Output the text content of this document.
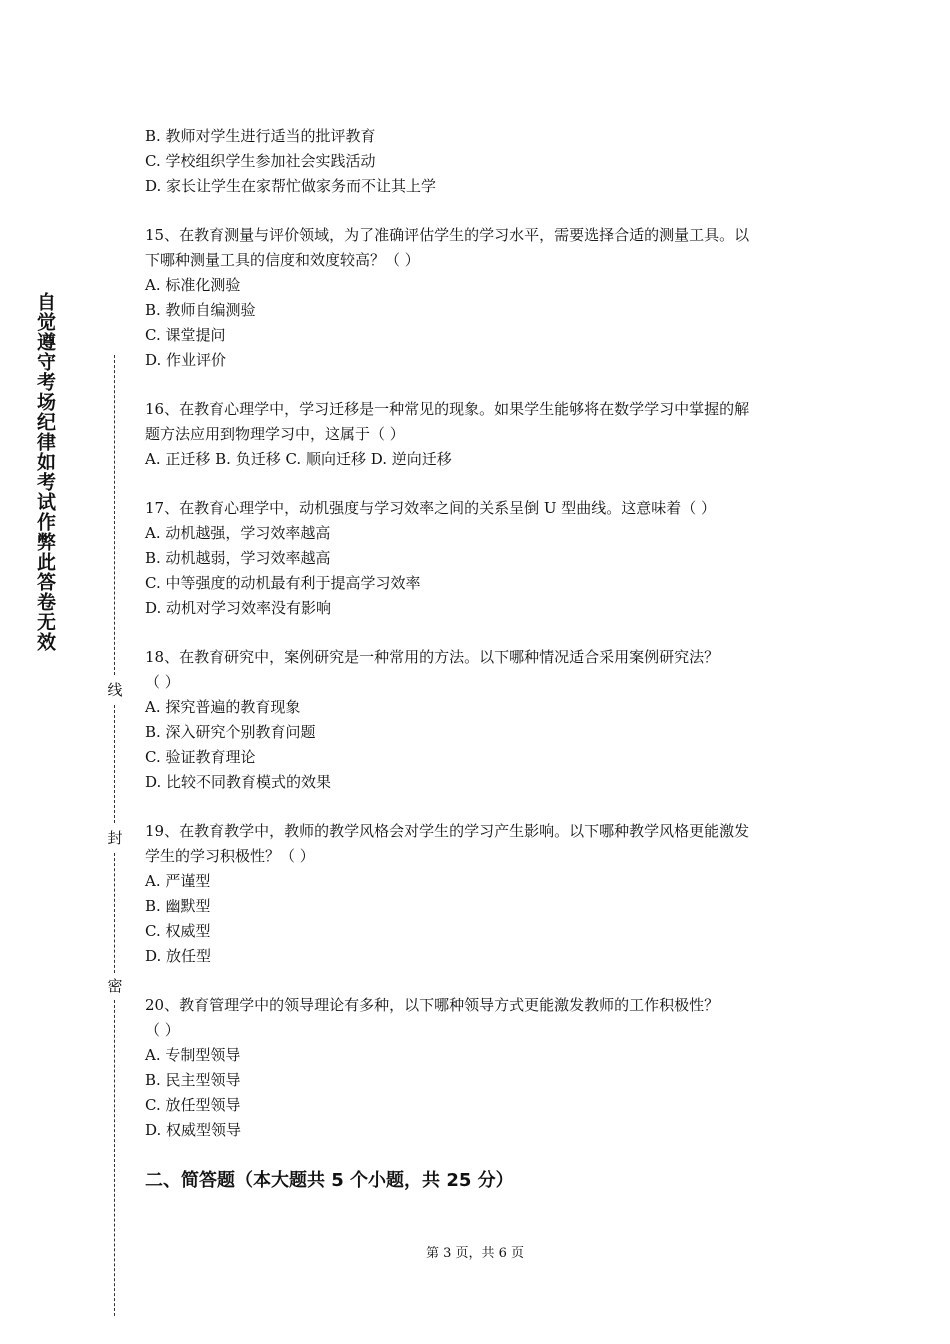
自觉遵守考场纪律如考试作弊此答卷无效
线
封
密
B. 教师对学生进行适当的批评教育
C. 学校组织学生参加社会实践活动
D. 家长让学生在家帮忙做家务而不让其上学
15、在教育测量与评价领域，为了准确评估学生的学习水平，需要选择合适的测量工具。以
下哪种测量工具的信度和效度较高？（ ）
A. 标准化测验
B. 教师自编测验
C. 课堂提问
D. 作业评价
16、在教育心理学中，学习迁移是一种常见的现象。如果学生能够将在数学学习中掌握的解
题方法应用到物理学习中，这属于（ ）
A. 正迁移 B. 负迁移 C. 顺向迁移 D. 逆向迁移
17、在教育心理学中，动机强度与学习效率之间的关系呈倒 U 型曲线。这意味着（ ）
A. 动机越强，学习效率越高
B. 动机越弱，学习效率越高
C. 中等强度的动机最有利于提高学习效率
D. 动机对学习效率没有影响
18、在教育研究中，案例研究是一种常用的方法。以下哪种情况适合采用案例研究法？
（ ）
A. 探究普遍的教育现象
B. 深入研究个别教育问题
C. 验证教育理论
D. 比较不同教育模式的效果
19、在教育教学中，教师的教学风格会对学生的学习产生影响。以下哪种教学风格更能激发
学生的学习积极性？（ ）
A. 严谨型
B. 幽默型
C. 权威型
D. 放任型
20、教育管理学中的领导理论有多种，以下哪种领导方式更能激发教师的工作积极性？
（ ）
A. 专制型领导
B. 民主型领导
C. 放任型领导
D. 权威型领导
二、简答题（本大题共 5 个小题，共 25 分）
第 3 页，共 6 页
